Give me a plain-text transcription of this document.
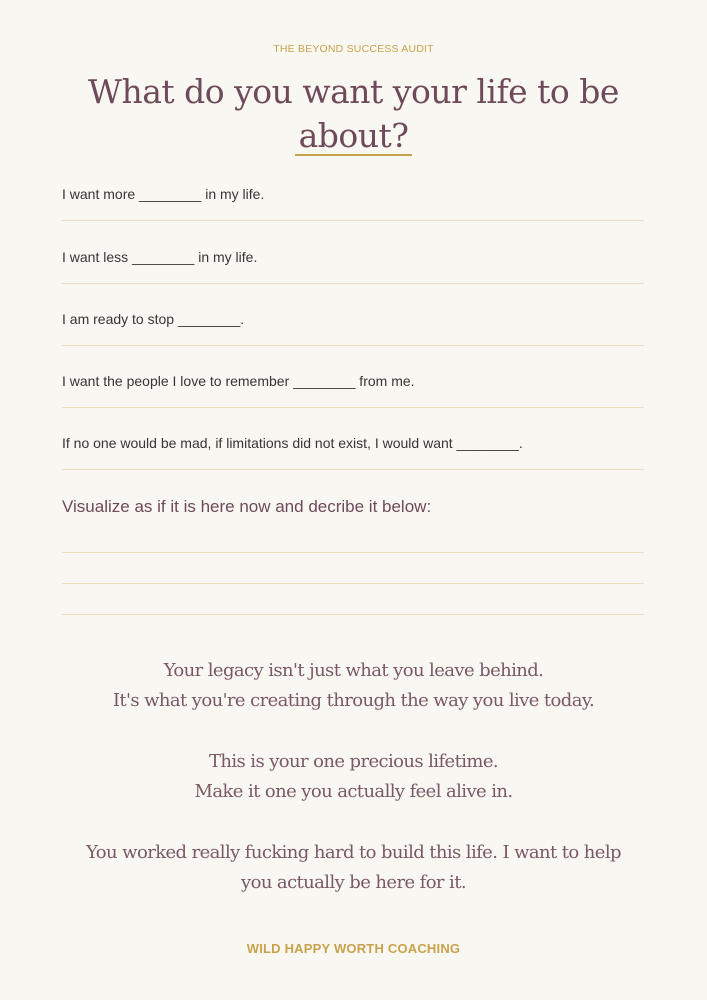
THE BEYOND SUCCESS AUDIT
What do you want your life to be
about?
I want more ________ in my life.
I want less ________ in my life.
I am ready to stop ________.
I want the people I love to remember ________ from me.
If no one would be mad, if limitations did not exist, I would want ________.
Visualize as if it is here now and decribe it below:

Your legacy isn't just what you leave behind.
It's what you're creating through the way you live today.

This is your one precious lifetime.
Make it one you actually feel alive in.

You worked really fucking hard to build this life. I want to help
you actually be here for it.

WILD HAPPY WORTH COACHING
